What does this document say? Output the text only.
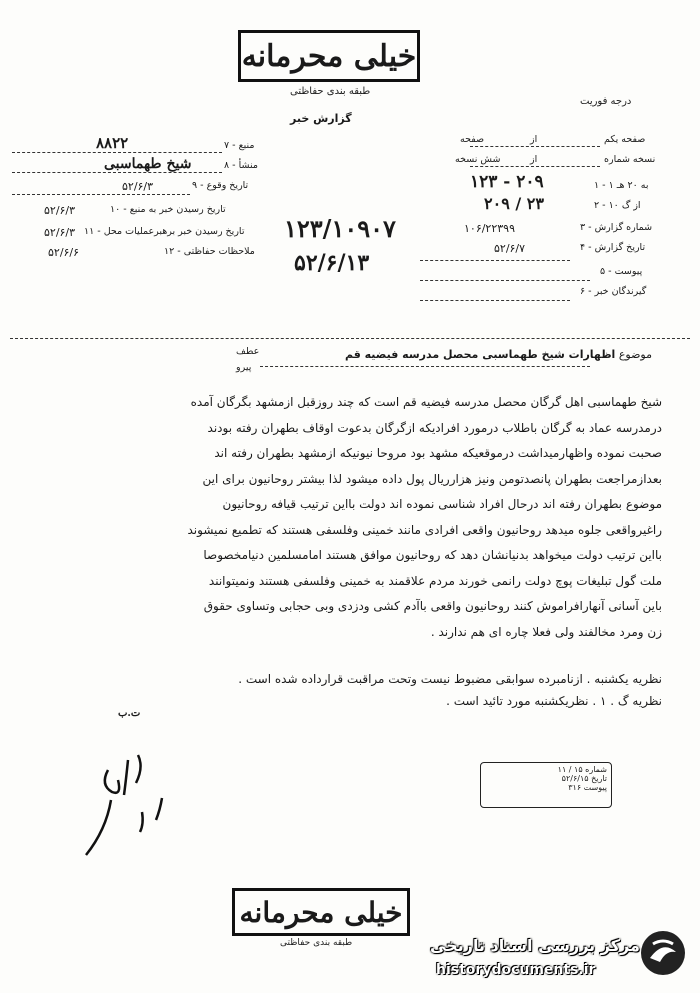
خیلی محرمانه
طبقه بندی حفاظتی
گزارش خبر
درجه فوریت
صفحه یکم
از
صفحه
نسخه شماره
از
شش نسخه
۱ - به ۲۰ هـ ۱
۱۲۳ - ۲۰۹
۲ - از گ ۱۰
۲۰۹ / ۲۳
۳ - شماره گزارش
۱۰۶/۲۲۳۹۹
۴ - تاریخ گزارش
۵۲/۶/۷
۵ - پیوست
۶ - گیرندگان خبر
۷ - منبع
۸۸۲۲
۸ - منشأ
شیخ طهماسبی
۹ - تاریخ وقوع
۵۲/۶/۳
۱۰ - تاریخ رسیدن خبر به منبع
۵۲/۶/۳
۱۱ - تاریخ رسیدن خبر برهبرعملیات محل
۵۲/۶/۳
۱۲ - ملاحظات حفاظتی
۵۲/۶/۶
۱۲۳/۱۰۹۰۷
۵۲/۶/۱۳
موضوع اظهارات شیخ طهماسبی محصل مدرسه فیضیه قم
عطف
پیرو

شیخ طهماسبی اهل گرگان محصل مدرسه فیضیه قم است که چند روزقبل ازمشهد بگرگان آمده

درمدرسه عماد به گرگان باطلاب درمورد افرادیکه ازگرگان بدعوت اوقاف بطهران رفته بودند

صحبت نموده واظهارمیداشت درموقعیکه مشهد بود مروحا نیونیکه ازمشهد بطهران رفته اند

بعدازمراجعت بطهران پانصدتومن ونیز هزارریال پول داده میشود لذا بیشتر روحانیون برای این

موضوع بطهران رفته اند درحال افراد شناسی نموده اند دولت بااین ترتیب قیافه روحانیون

راغیرواقعی جلوه میدهد روحانیون واقعی افرادی مانند خمینی وفلسفی هستند که تطمیع نمیشوند

بااین ترتیب دولت میخواهد بدنیانشان دهد که روحانیون موافق هستند امامسلمین دنیامخصوصا

ملت گول تبلیغات پوچ دولت رانمی خورند مردم علاقمند به خمینی وفلسفی هستند ونمیتوانند

باین آسانی آنهارافراموش کنند روحانیون واقعی باآدم کشی ودزدی وبی حجابی وتساوی حقوق

زن ومرد مخالفند ولی فعلا چاره ای هم ندارند .

نظریه یکشنبه . ازنامبرده سوابقی مضبوط نیست وتحت مراقبت قرارداده شده است .
نظریه گ . ۱ . نظریکشنبه مورد تائید است .
ت.ب
شماره ۱۵ / ۱۱
تاریخ ۵۲/۶/۱۵
پیوست ۳۱۶
خیلی محرمانه
طبقه بندی حفاظتی	مرکز بررسی اسناد تاریخی
historydocuments.ir
